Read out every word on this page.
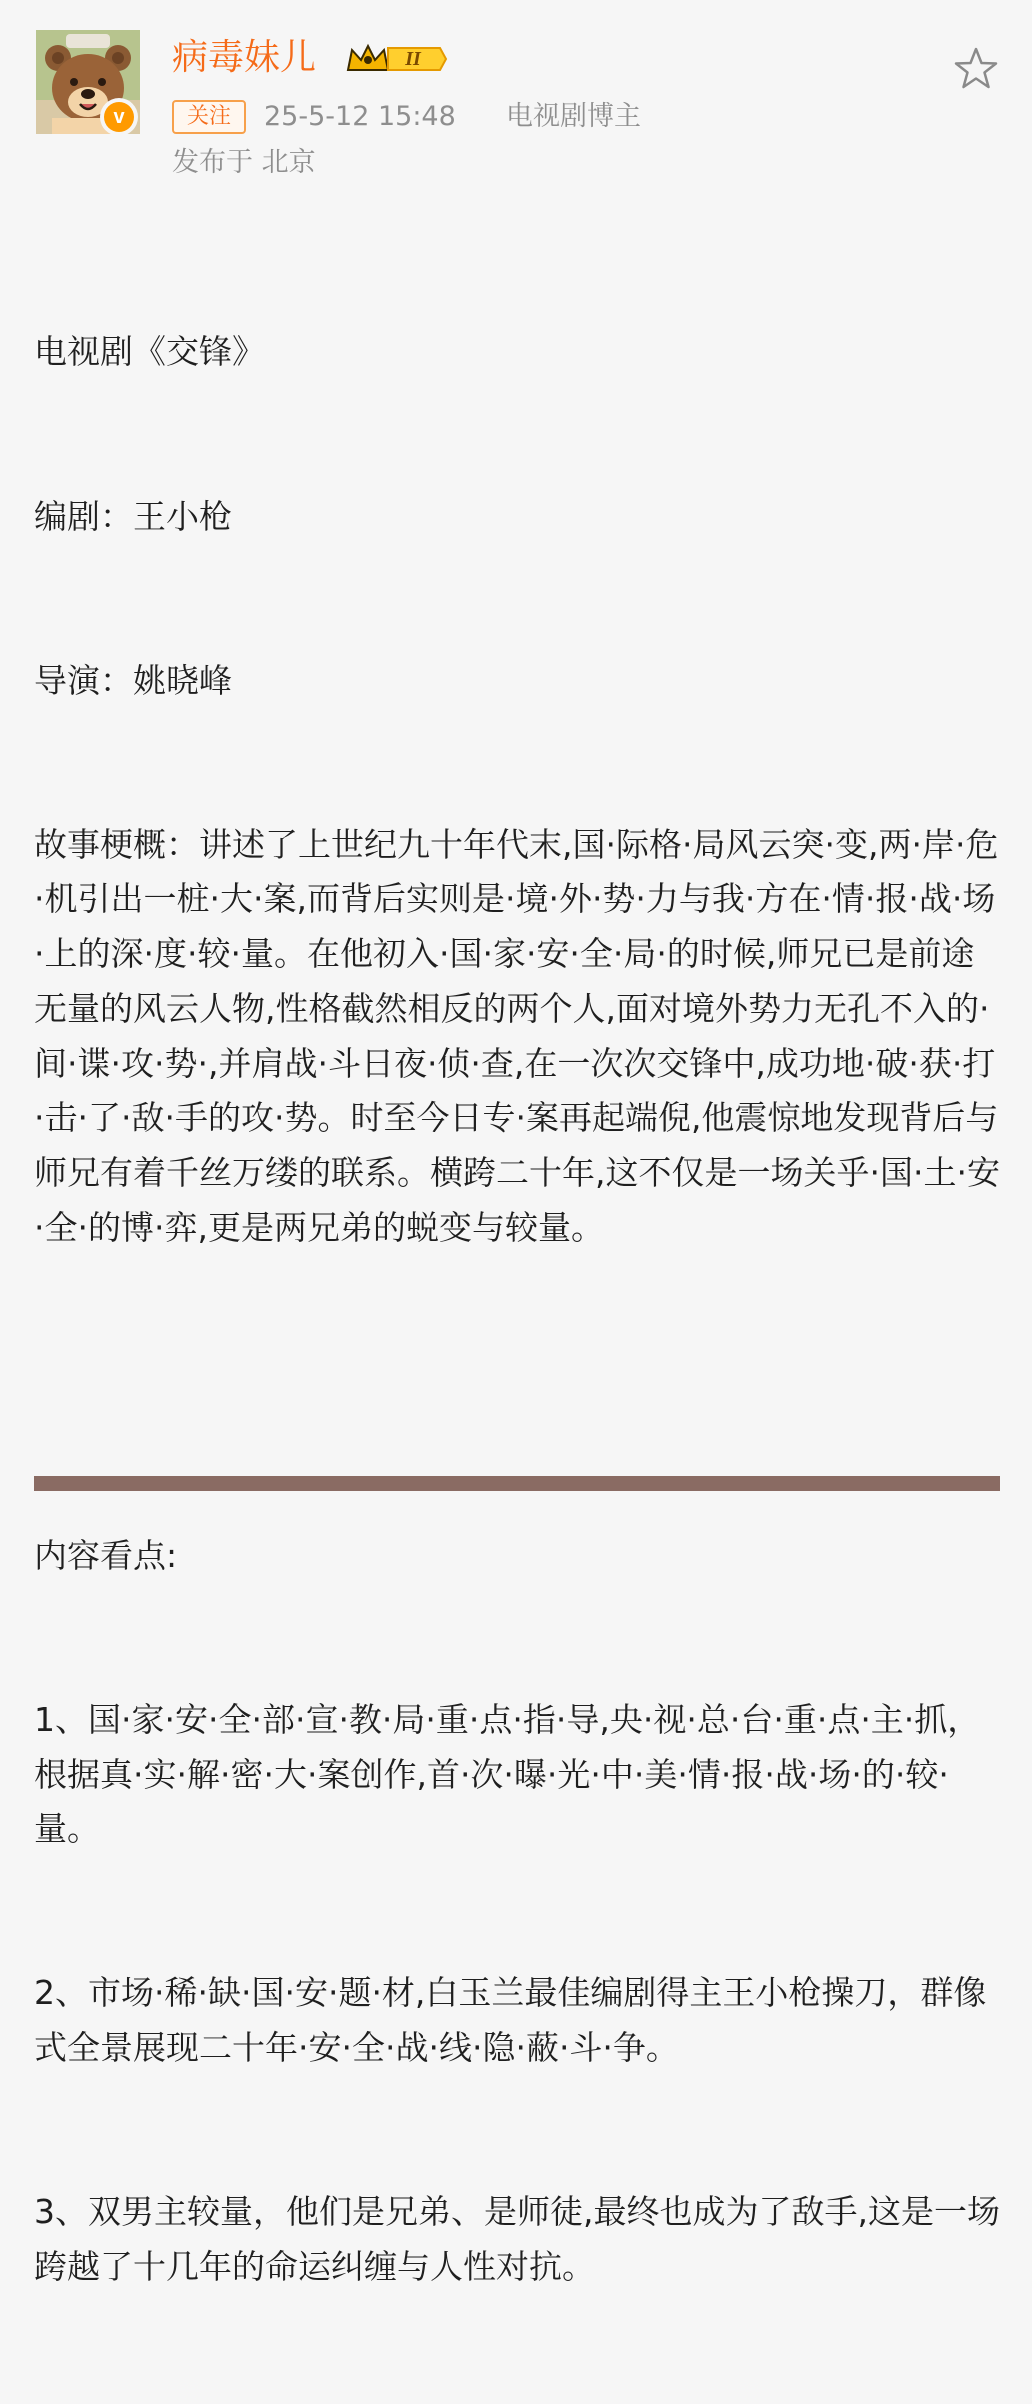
v
病毒妹儿	II
关注	25-5-12 15:48 电视剧博主
发布于 北京

电视剧《交锋》

编剧：王小枪

导演：姚晓峰

故事梗概：讲述了上世纪九十年代末,国·际格·局风云突·变,两·岸·危·机引出一桩·大·案,而背后实则是·境·外·势·力与我·方在·情·报·战·场·上的深·度·较·量。在他初入·国·家·安·全·局·的时候,师兄已是前途无量的风云人物,性格截然相反的两个人,面对境外势力无孔不入的·间·谍·攻·势·,并肩战·斗日夜·侦·查,在一次次交锋中,成功地·破·获·打·击·了·敌·手的攻·势。时至今日专·案再起端倪,他震惊地发现背后与师兄有着千丝万缕的联系。横跨二十年,这不仅是一场关乎·国·土·安·全·的博·弈,更是两兄弟的蜕变与较量。

内容看点:

1、国·家·安·全·部·宣·教·局·重·点·指·导,央·视·总·台·重·点·主·抓，根据真·实·解·密·大·案创作,首·次·曝·光·中·美·情·报·战·场·的·较·量。

2、市场·稀·缺·国·安·题·材,白玉兰最佳编剧得主王小枪操刀，群像式全景展现二十年·安·全·战·线·隐·蔽·斗·争。

3、双男主较量，他们是兄弟、是师徒,最终也成为了敌手,这是一场跨越了十几年的命运纠缠与人性对抗。
